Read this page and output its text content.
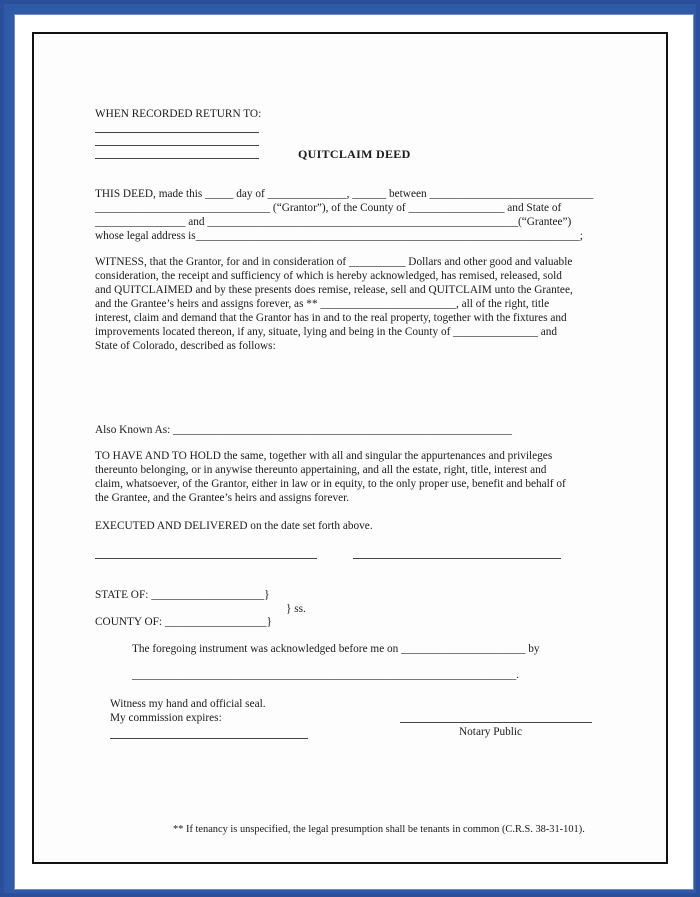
WHEN RECORDED RETURN TO:
QUITCLAIM DEED
THIS DEED, made this _____ day of ______________, ______ between _____________________________
_______________________________ (“Grantor”), of the County of _________________ and State of
________________ and _______________________________________________________(“Grantee”)
whose legal address is____________________________________________________________________;
WITNESS, that the Grantor, for and in consideration of __________ Dollars and other good and valuable
consideration, the receipt and sufficiency of which is hereby acknowledged, has remised, released, sold
and QUITCLAIMED and by these presents does remise, release, sell and QUITCLAIM unto the Grantee,
and the Grantee’s heirs and assigns forever, as ** ________________________, all of the right, title
interest, claim and demand that the Grantor has in and to the real property, together with the fixtures and
improvements located thereon, if any, situate, lying and being in the County of _______________ and
State of Colorado, described as follows:
Also Known As: ____________________________________________________________
TO HAVE AND TO HOLD the same, together with all and singular the appurtenances and privileges
thereunto belonging, or in anywise thereunto appertaining, and all the estate, right, title, interest and
claim, whatsoever, of the Grantor, either in law or in equity, to the only proper use, benefit and behalf of
the Grantee, and the Grantee’s heirs and assigns forever.
EXECUTED AND DELIVERED on the date set forth above.
STATE OF: ____________________}
} ss.
COUNTY OF: __________________}
The foregoing instrument was acknowledged before me on ______________________ by
____________________________________________________________________.
Witness my hand and official seal.
My commission expires:
Notary Public
** If tenancy is unspecified, the legal presumption shall be tenants in common (C.R.S. 38-31-101).
